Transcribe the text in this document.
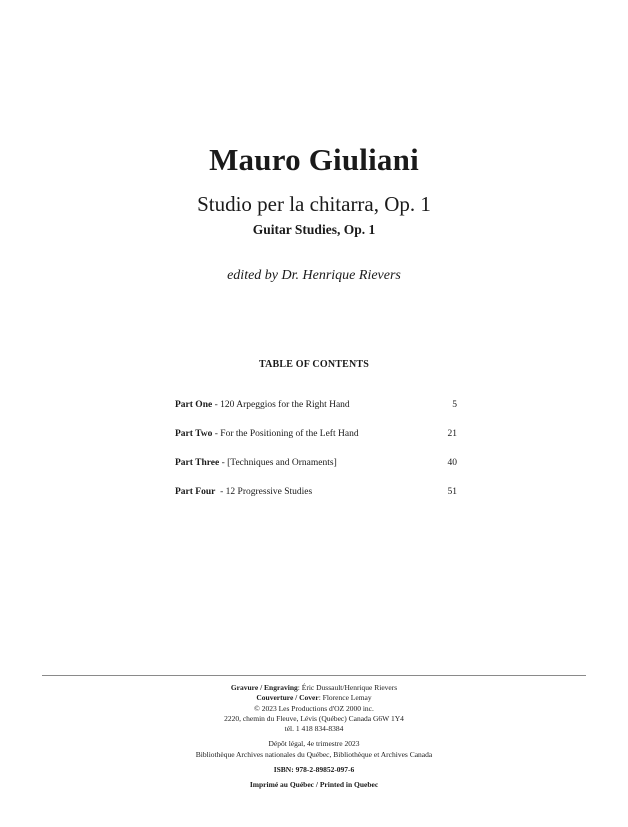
Mauro Giuliani
Studio per la chitarra, Op. 1
Guitar Studies, Op. 1
edited by Dr. Henrique Rievers
TABLE OF CONTENTS
Part One - 120 Arpeggios for the Right Hand	5
Part Two - For the Positioning of the Left Hand	21
Part Three - [Techniques and Ornaments]	40
Part Four  - 12 Progressive Studies	51
Gravure / Engraving: Éric Dussault/Henrique Rievers
Couverture / Cover: Florence Lemay
© 2023 Les Productions d'OZ 2000 inc.
2220, chemin du Fleuve, Lévis (Québec) Canada G6W 1Y4
tél. 1 418 834-8384
Dépôt légal, 4e trimestre 2023
Bibliothèque Archives nationales du Québec, Bibliothèque et Archives Canada
ISBN: 978-2-89852-097-6
Imprimé au Québec / Printed in Quebec
